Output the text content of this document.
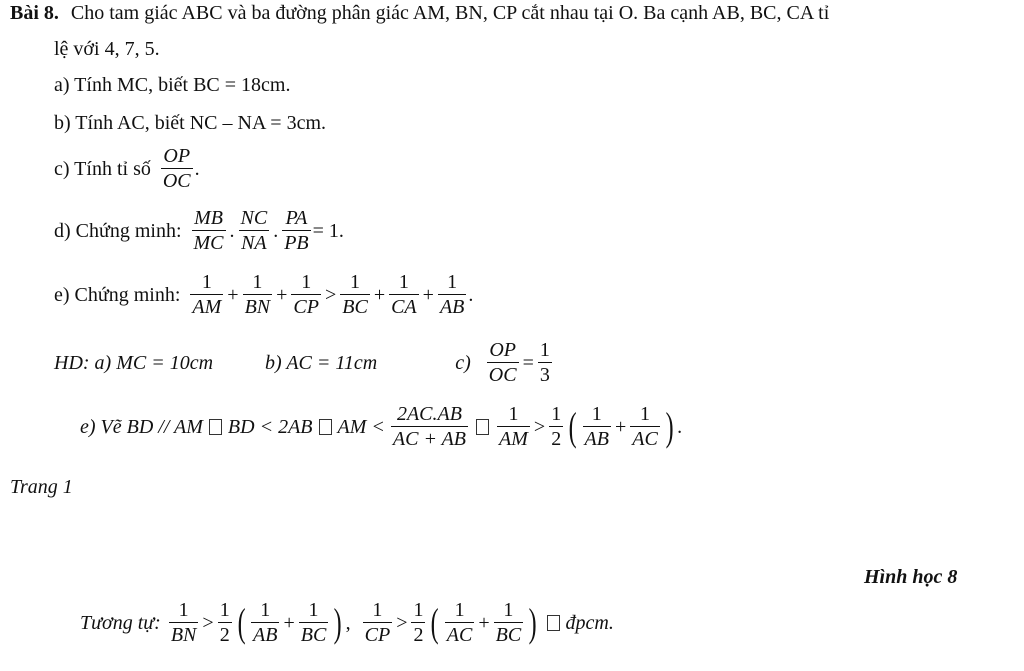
Bài 8. Cho tam giác ABC và ba đường phân giác AM, BN, CP cắt nhau tại O. Ba cạnh AB, BC, CA tỉ
lệ với 4, 7, 5.
a) Tính MC, biết BC = 18cm.
b) Tính AC, biết NC – NA = 3cm.
c) Tính tỉ số $\frac{OP}{OC}$ .
d) Chứng minh: $\frac{MB}{MC}$ . $\frac{NC}{NA}$ . $\frac{PA}{PB} = 1$.
e) Chứng minh: $\frac{1}{AM} + \frac{1}{BN} + \frac{1}{CP} > \frac{1}{BC} + \frac{1}{CA} + \frac{1}{AB}$ .
HD: a) MC = 10cm	b) AC = 11cm	$c) \frac{OP}{OC} = \frac{1}{3}$
e) Vẽ BD // AM BD < 2AB AM < $\frac{2AC.AB}{AC + AB} \frac{1}{AM} > \frac{1}{2}$ ( $\frac{1}{AB} + \frac{1}{AC}$ ) .
Trang 1
Hình học 8
Tương tự: $\frac{1}{BN} > \frac{1}{2}$ ( $\frac{1}{AB} + \frac{1}{BC}$ ) , $\frac{1}{CP} > \frac{1}{2}$ ( $\frac{1}{AC} + \frac{1}{BC}$ ) đpcm.
